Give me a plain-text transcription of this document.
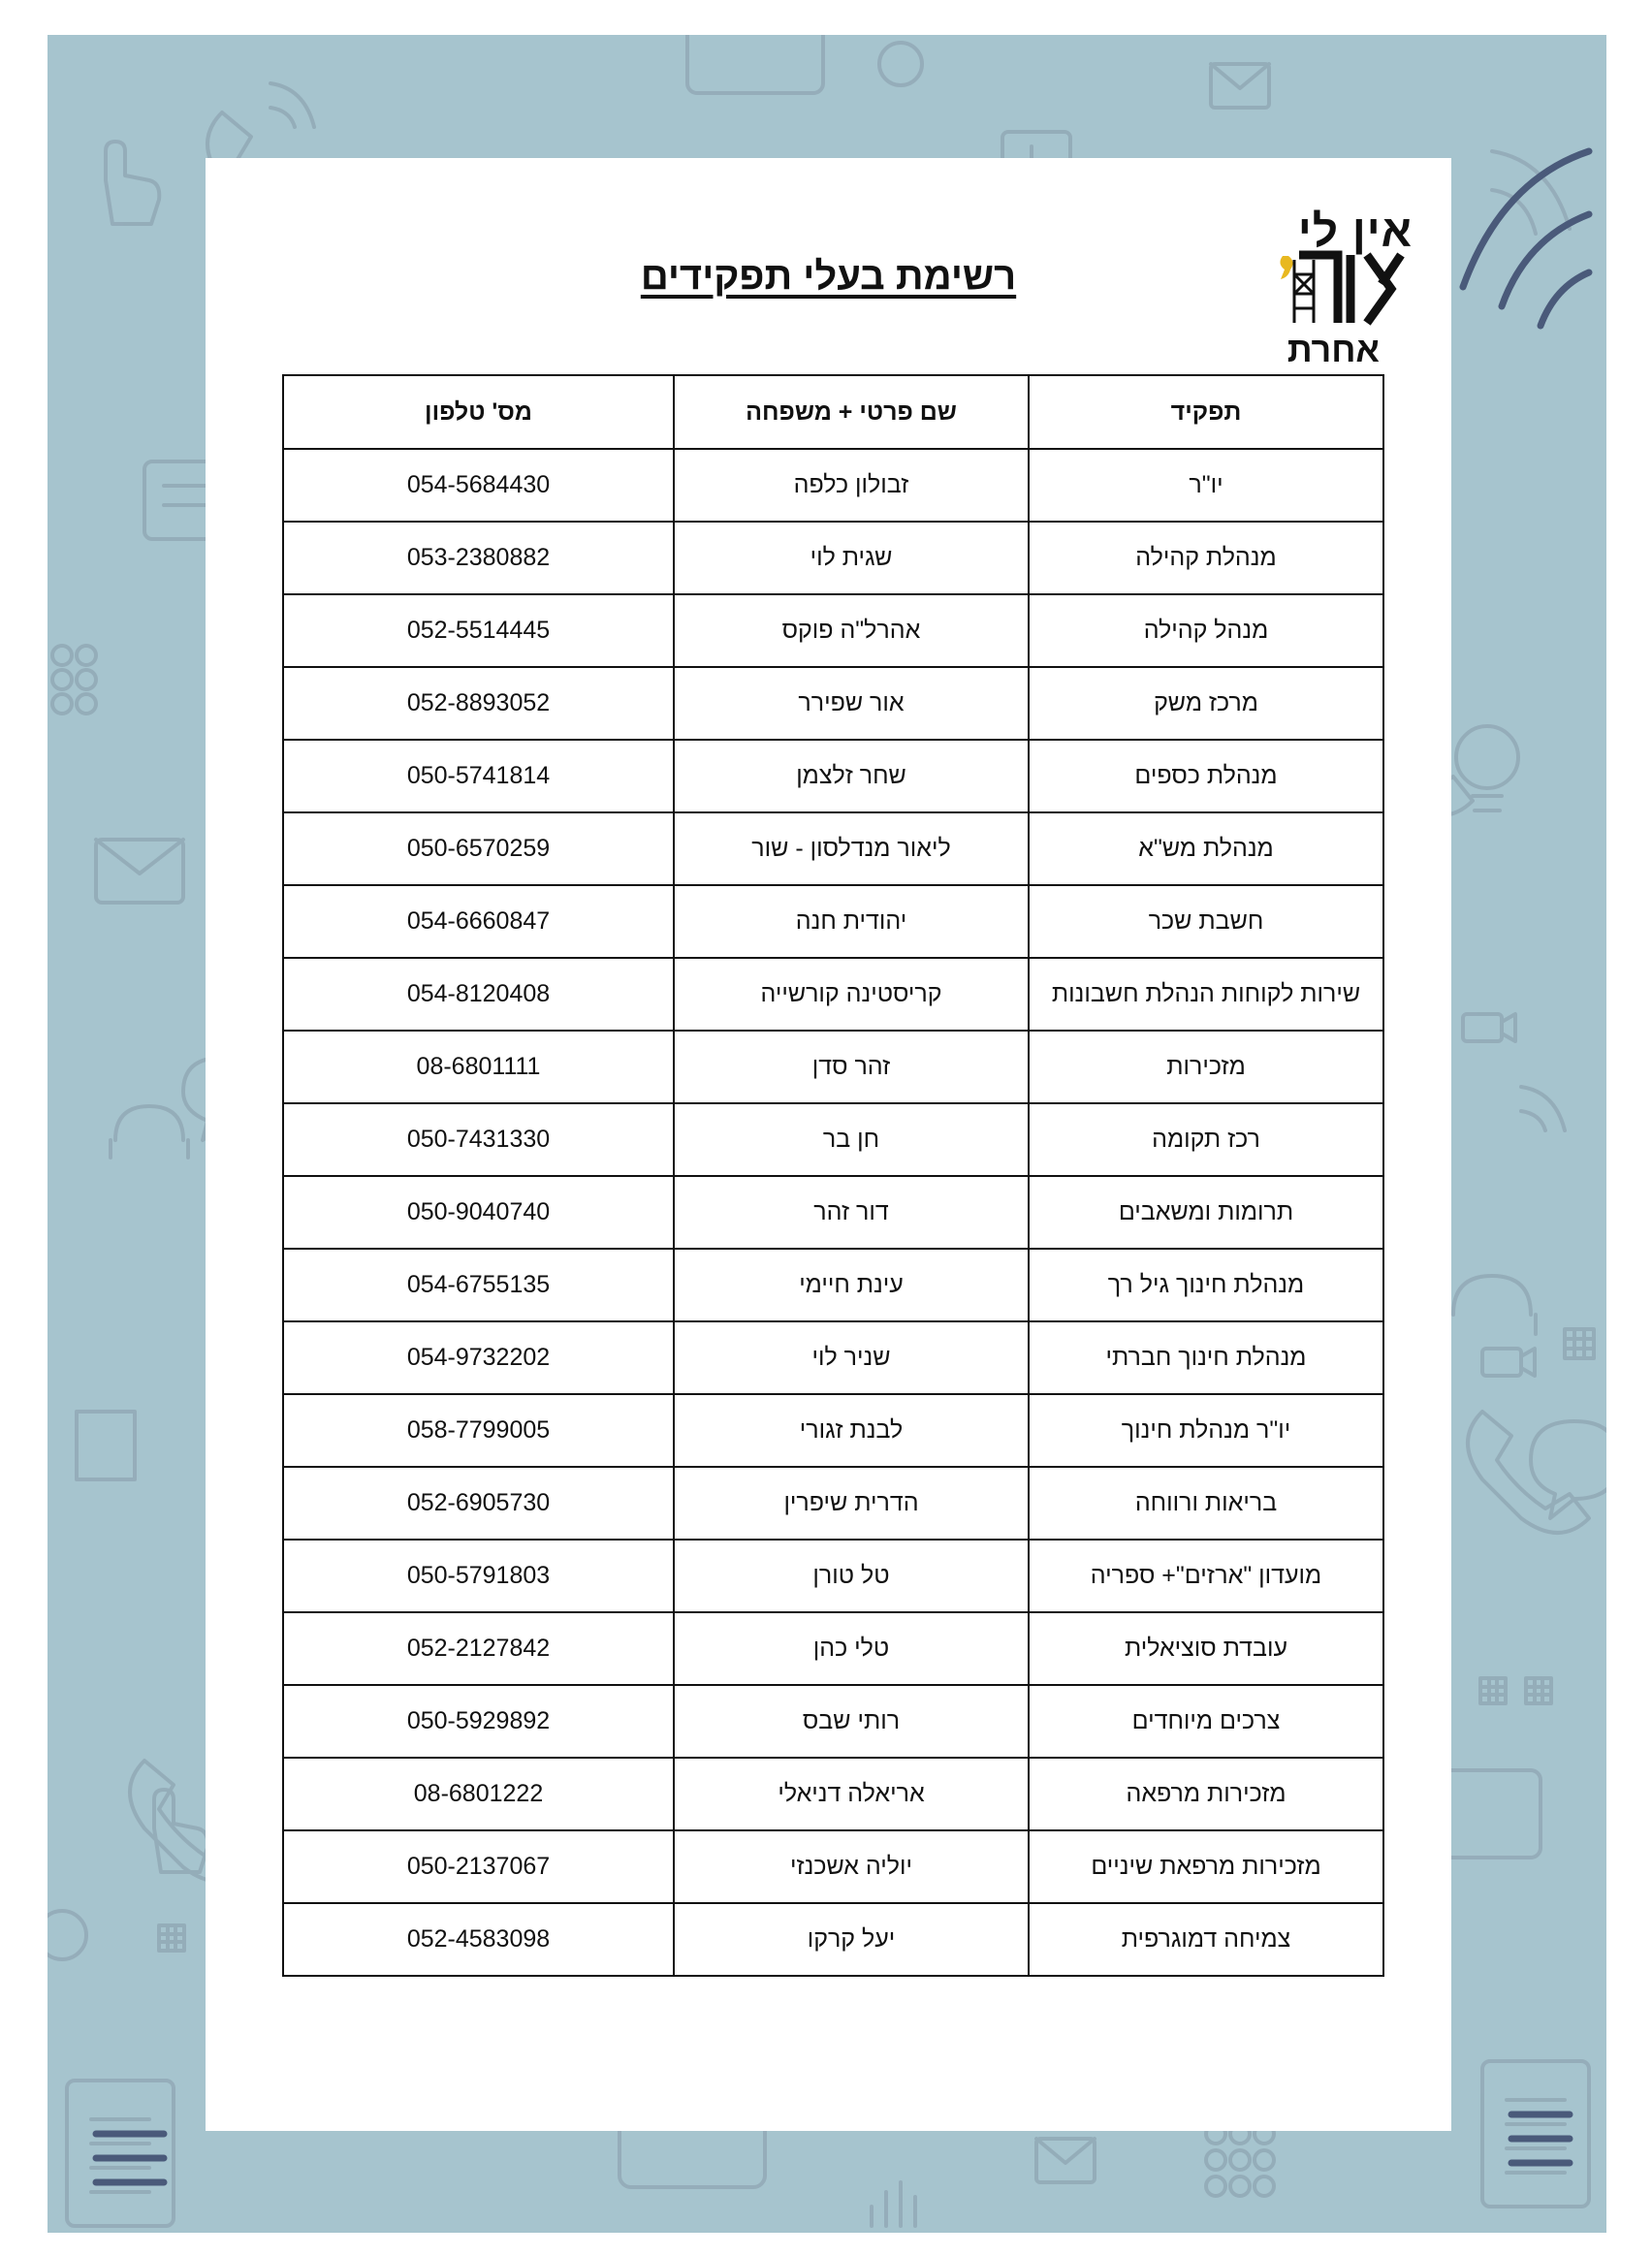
אין לי
אחרת
רשימת בעלי תפקידים
תפקיד	שם פרטי + משפחה	מס' טלפון
יו"ר	זבולון כלפה	054-5684430
מנהלת קהילה	שגית לוי	053-2380882
מנהל קהילה	אהרל"ה פוקס	052-5514445
מרכז משק	אור שפירר	052-8893052
מנהלת כספים	שחר זלצמן	050-5741814
מנהלת מש"א	ליאור מנדלסון - שור	050-6570259
חשבת שכר	יהודית חנה	054-6660847
שירות לקוחות הנהלת חשבונות	קריסטינה קורשייה	054-8120408
מזכירות	זהר סדן	08-6801111
רכז תקומה	חן בר	050-7431330
תרומות ומשאבים	דור זהר	050-9040740
מנהלת חינוך גיל רך	עינת חיימי	054-6755135
מנהלת חינוך חברתי	שניר לוי	054-9732202
יו"ר מנהלת חינוך	לבנת זגורי	058-7799005
בריאות ורווחה	הדרית שיפרין	052-6905730
מועדון "ארזים"+ ספריה	טל טורן	050-5791803
עובדת סוציאלית	טלי כהן	052-2127842
צרכים מיוחדים	רותי שבס	050-5929892
מזכירות מרפאה	אריאלה דניאלי	08-6801222
מזכירות מרפאת שיניים	יוליה אשכנזי	050-2137067
צמיחה דמוגרפית	יעל קרקו	052-4583098
